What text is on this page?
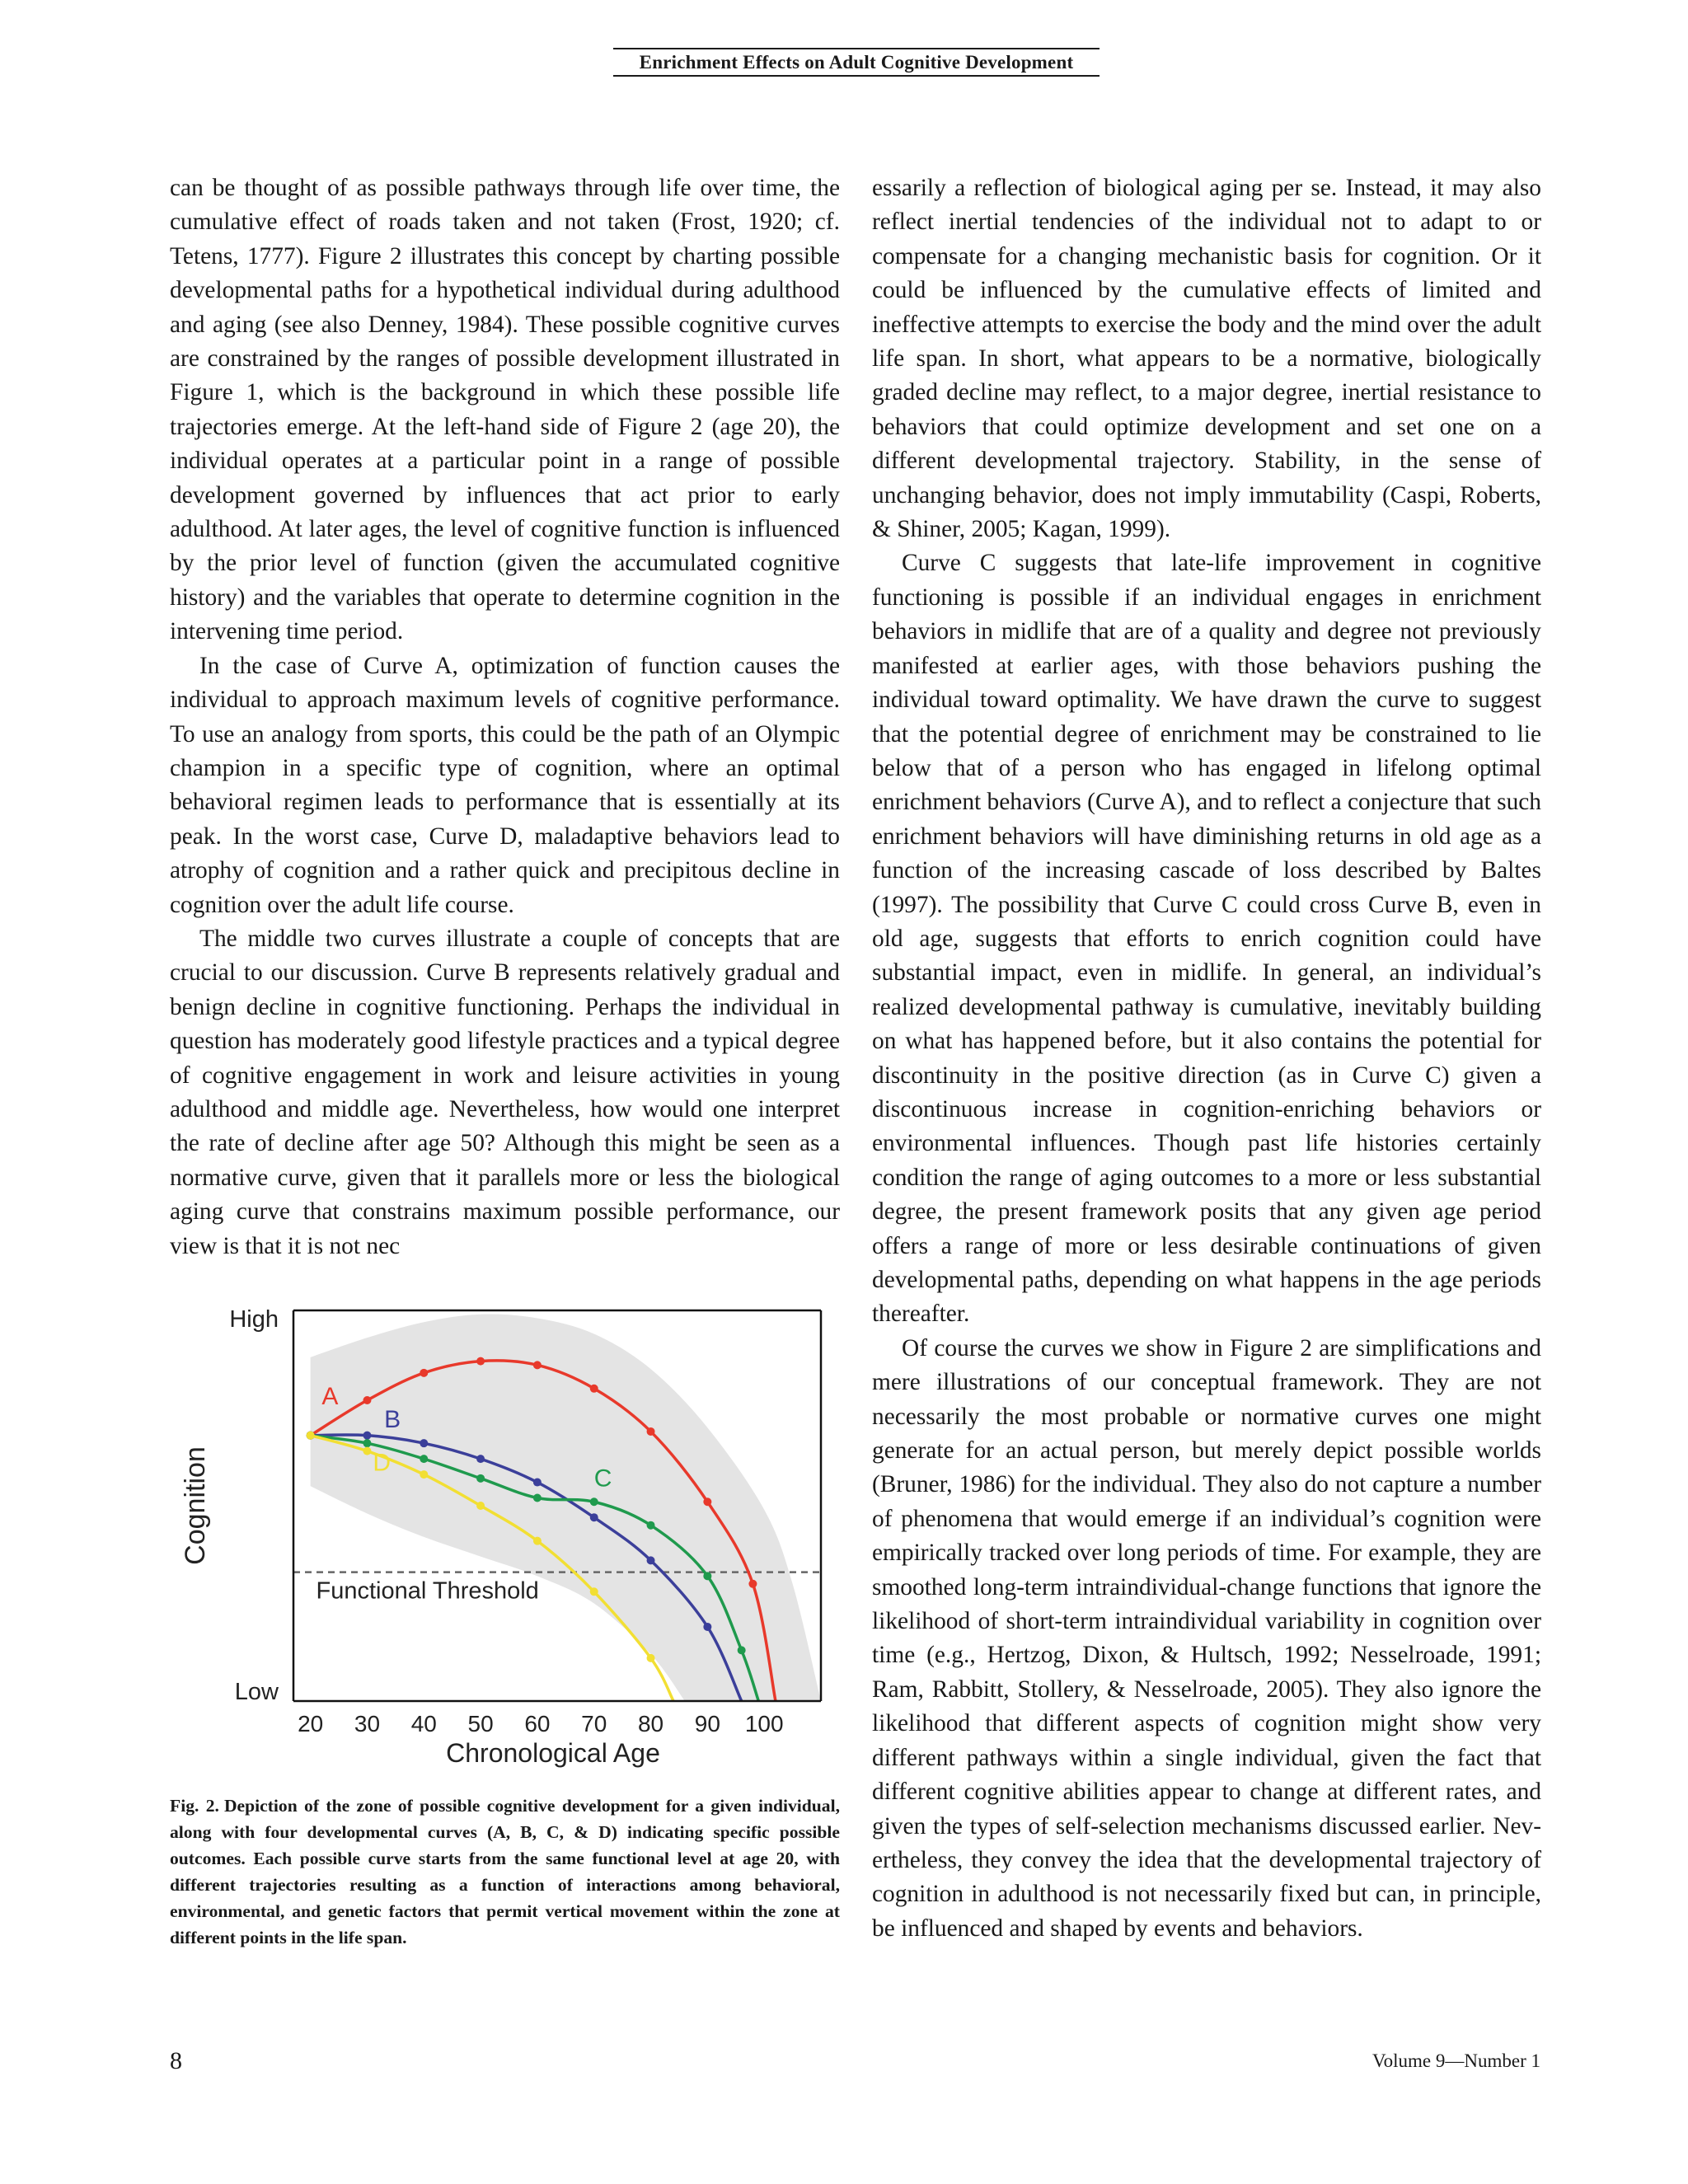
Enrichment Effects on Adult Cognitive Development

can be thought of as possible pathways through life over time, the cumulative effect of roads taken and not taken (Frost, 1920; cf. Tetens, 1777). Figure 2 illustrates this concept by charting possible developmental paths for a hypothetical individual during adulthood and aging (see also Denney, 1984). These possible cognitive curves are constrained by the ranges of possible development illustrated in Figure 1, which is the background in which these possible life trajectories emerge. At the left-hand side of Figure 2 (age 20), the individual operates at a particular point in a range of possible development governed by influences that act prior to early adulthood. At later ages, the level of cognitive function is influenced by the prior level of function (given the accumulated cognitive history) and the variables that operate to determine cognition in the intervening time period.

In the case of Curve A, optimization of function causes the individual to approach maximum levels of cognitive performance. To use an analogy from sports, this could be the path of an Olympic champion in a specific type of cognition, where an optimal behavioral regimen leads to performance that is essentially at its peak. In the worst case, Curve D, maladaptive behaviors lead to atrophy of cognition and a rather quick and precipitous decline in cognition over the adult life course.

The middle two curves illustrate a couple of concepts that are crucial to our discussion. Curve B represents relatively gradual and benign decline in cognitive functioning. Perhaps the individual in question has moderately good lifestyle practices and a typical degree of cognitive engagement in work and leisure activities in young adulthood and middle age. Nevertheless, how would one interpret the rate of decline after age 50? Although this might be seen as a normative curve, given that it parallels more or less the biological aging curve that constrains maximum possible performance, our view is that it is not nec

essarily a reflection of biological aging per se. Instead, it may also reflect inertial tendencies of the individual not to adapt to or compensate for a changing mechanistic basis for cognition. Or it could be influenced by the cumulative effects of limited and ineffective attempts to exercise the body and the mind over the adult life span. In short, what appears to be a normative, biologically graded decline may reflect, to a major degree, inertial resistance to behaviors that could optimize development and set one on a different developmental trajectory. Stability, in the sense of unchanging behavior, does not imply immutability (Caspi, Roberts, & Shiner, 2005; Kagan, 1999).

Curve C suggests that late-life improvement in cognitive functioning is possible if an individual engages in enrichment behaviors in midlife that are of a quality and degree not previously manifested at earlier ages, with those behaviors pushing the individual toward optimality. We have drawn the curve to suggest that the potential degree of enrichment may be constrained to lie below that of a person who has engaged in lifelong optimal enrichment behaviors (Curve A), and to reflect a conjecture that such enrichment behaviors will have diminishing returns in old age as a function of the increasing cascade of loss described by Baltes (1997). The possibility that Curve C could cross Curve B, even in old age, suggests that efforts to enrich cognition could have substantial impact, even in midlife. In general, an individual’s realized developmental pathway is cumulative, inevitably building on what has happened before, but it also contains the potential for discontinuity in the positive direction (as in Curve C) given a discontinuous increase in cognition-enriching behaviors or environmental influences. Though past life histories certainly condition the range of aging outcomes to a more or less substantial degree, the present framework posits that any given age period offers a range of more or less desirable continuations of given developmental paths, depending on what happens in the age periods thereafter.

Of course the curves we show in Figure 2 are simplifications and mere illustrations of our conceptual framework. They are not necessarily the most probable or normative curves one might generate for an actual person, but merely depict possible worlds (Bruner, 1986) for the individual. They also do not capture a number of phenomena that would emerge if an individual’s cognition were empirically tracked over long periods of time. For example, they are smoothed long-term intraindividual-change functions that ignore the likelihood of short-term intraindividual variability in cognition over time (e.g., Hertzog, Dixon, & Hultsch, 1992; Nesselroade, 1991; Ram, Rabbitt, Stollery, & Nesselroade, 2005). They also ignore the likelihood that different aspects of cognition might show very different pathways within a single individual, given the fact that different cognitive abilities appear to change at different rates, and given the types of self-selection mechanisms discussed earlier. Nevertheless, they convey the idea that the developmental trajectory of cognition in adulthood is not necessarily fixed but can, in principle, be influenced and shaped by events and behaviors.

Functional Threshold
A
B
C
D
High
Low
Cognition
20 30 40 50 60 70 80 90 100
Chronological Age
Fig. 2. Depiction of the zone of possible cognitive development for a given individual, along with four developmental curves (A, B, C, & D) indicating specific possible outcomes. Each possible curve starts from the same functional level at age 20, with different trajectories resulting as a function of interactions among behavioral, environmental, and genetic factors that permit vertical movement within the zone at different points in the life span.
8	Volume 9—Number 1
